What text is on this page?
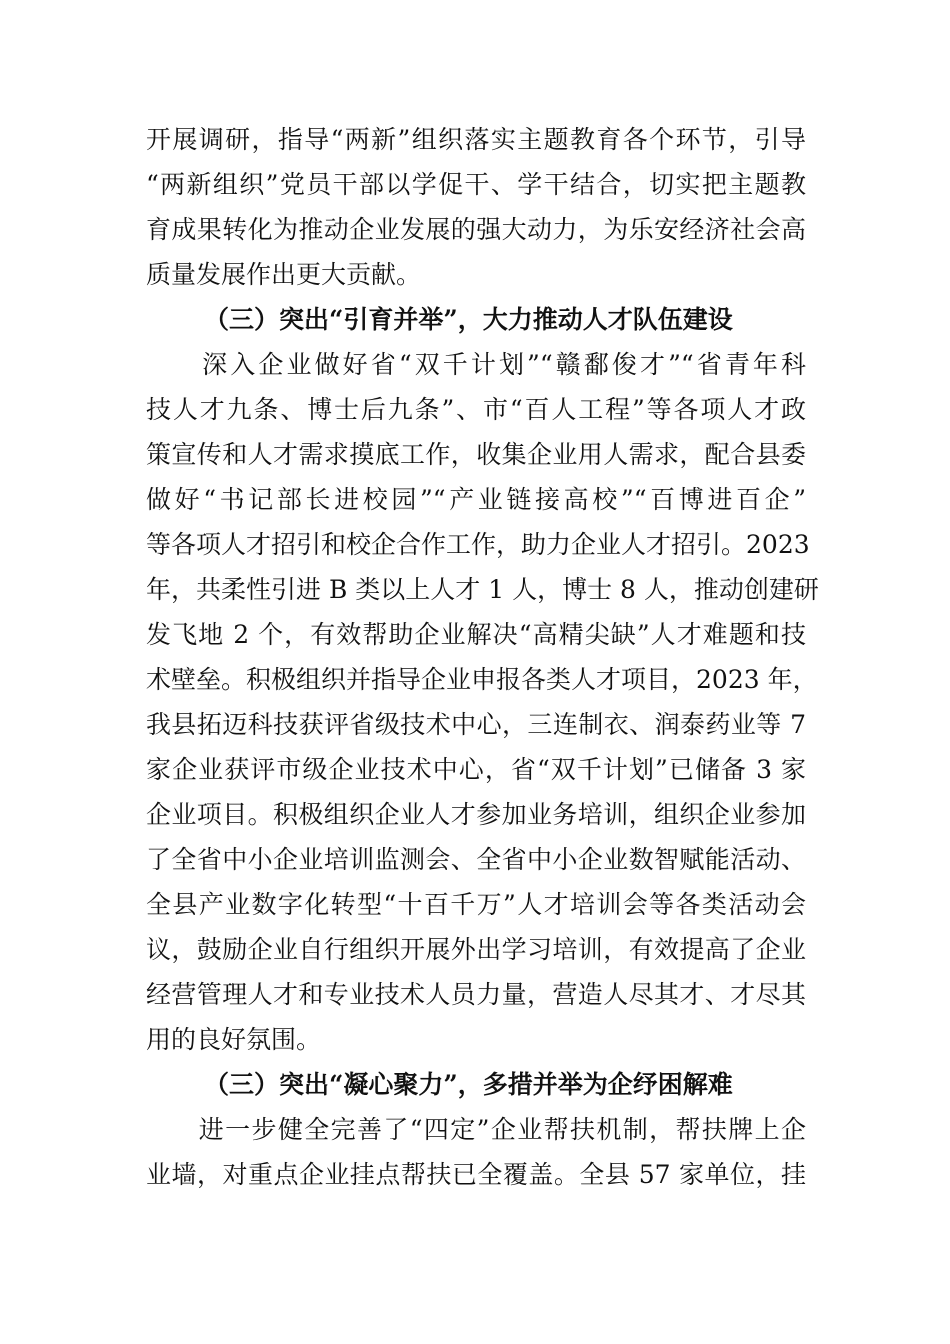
开展调研，指导“两新”组织落实主题教育各个环节，引导
“两新组织”党员干部以学促干、学干结合，切实把主题教
育成果转化为推动企业发展的强大动力，为乐安经济社会高
质量发展作出更大贡献。
（三）突出“引育并举”，大力推动人才队伍建设
　　深入企业做好省“双千计划”“赣鄱俊才”“省青年科
技人才九条、博士后九条”、市“百人工程”等各项人才政
策宣传和人才需求摸底工作，收集企业用人需求，配合县委
做好“书记部长进校园”“产业链接高校”“百博进百企”
等各项人才招引和校企合作工作，助力企业人才招引。2023
年，共柔性引进 B 类以上人才 1 人，博士 8 人，推动创建研
发飞地 2 个，有效帮助企业解决“高精尖缺”人才难题和技
术壁垒。积极组织并指导企业申报各类人才项目，2023 年，
我县拓迈科技获评省级技术中心，三连制衣、润泰药业等 7
家企业获评市级企业技术中心，省“双千计划”已储备 3 家
企业项目。积极组织企业人才参加业务培训，组织企业参加
了全省中小企业培训监测会、全省中小企业数智赋能活动、
全县产业数字化转型“十百千万”人才培训会等各类活动会
议，鼓励企业自行组织开展外出学习培训，有效提高了企业
经营管理人才和专业技术人员力量，营造人尽其才、才尽其
用的良好氛围。
（三）突出“凝心聚力”，多措并举为企纾困解难
　　进一步健全完善了“四定”企业帮扶机制，帮扶牌上企
业墙，对重点企业挂点帮扶已全覆盖。全县 57 家单位，挂
